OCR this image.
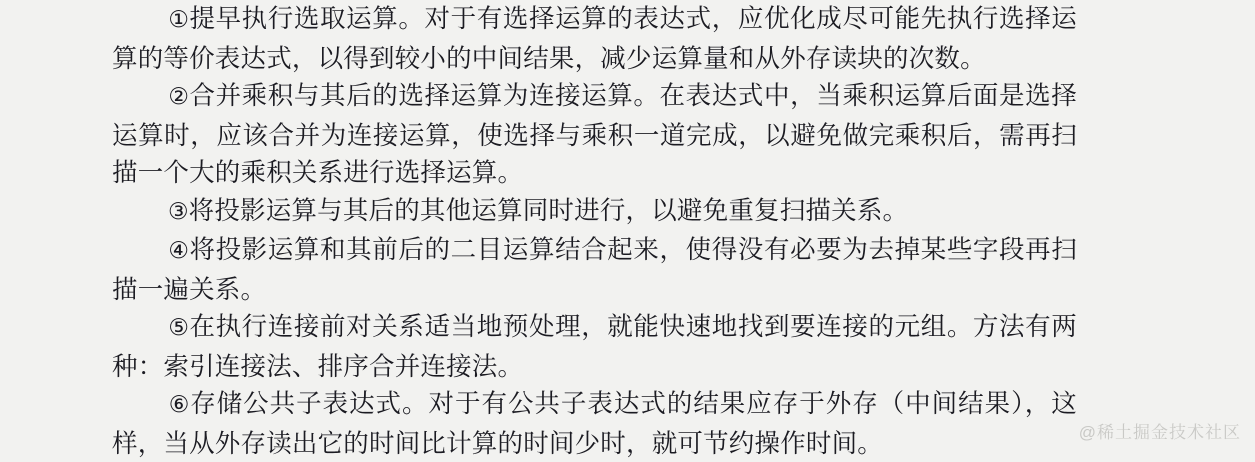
①提早执行选取运算。对于有选择运算的表达式，应优化成尽可能先执行选择运算的等价表达式，以得到较小的中间结果，减少运算量和从外存读块的次数。

②合并乘积与其后的选择运算为连接运算。在表达式中，当乘积运算后面是选择运算时，应该合并为连接运算，使选择与乘积一道完成，以避免做完乘积后，需再扫描一个大的乘积关系进行选择运算。

③将投影运算与其后的其他运算同时进行，以避免重复扫描关系。

④将投影运算和其前后的二目运算结合起来，使得没有必要为去掉某些字段再扫描一遍关系。

⑤在执行连接前对关系适当地预处理，就能快速地找到要连接的元组。方法有两种：索引连接法、排序合并连接法。

⑥存储公共子表达式。对于有公共子表达式的结果应存于外存（中间结果），这样，当从外存读出它的时间比计算的时间少时，就可节约操作时间。	@稀土掘金技术社区
